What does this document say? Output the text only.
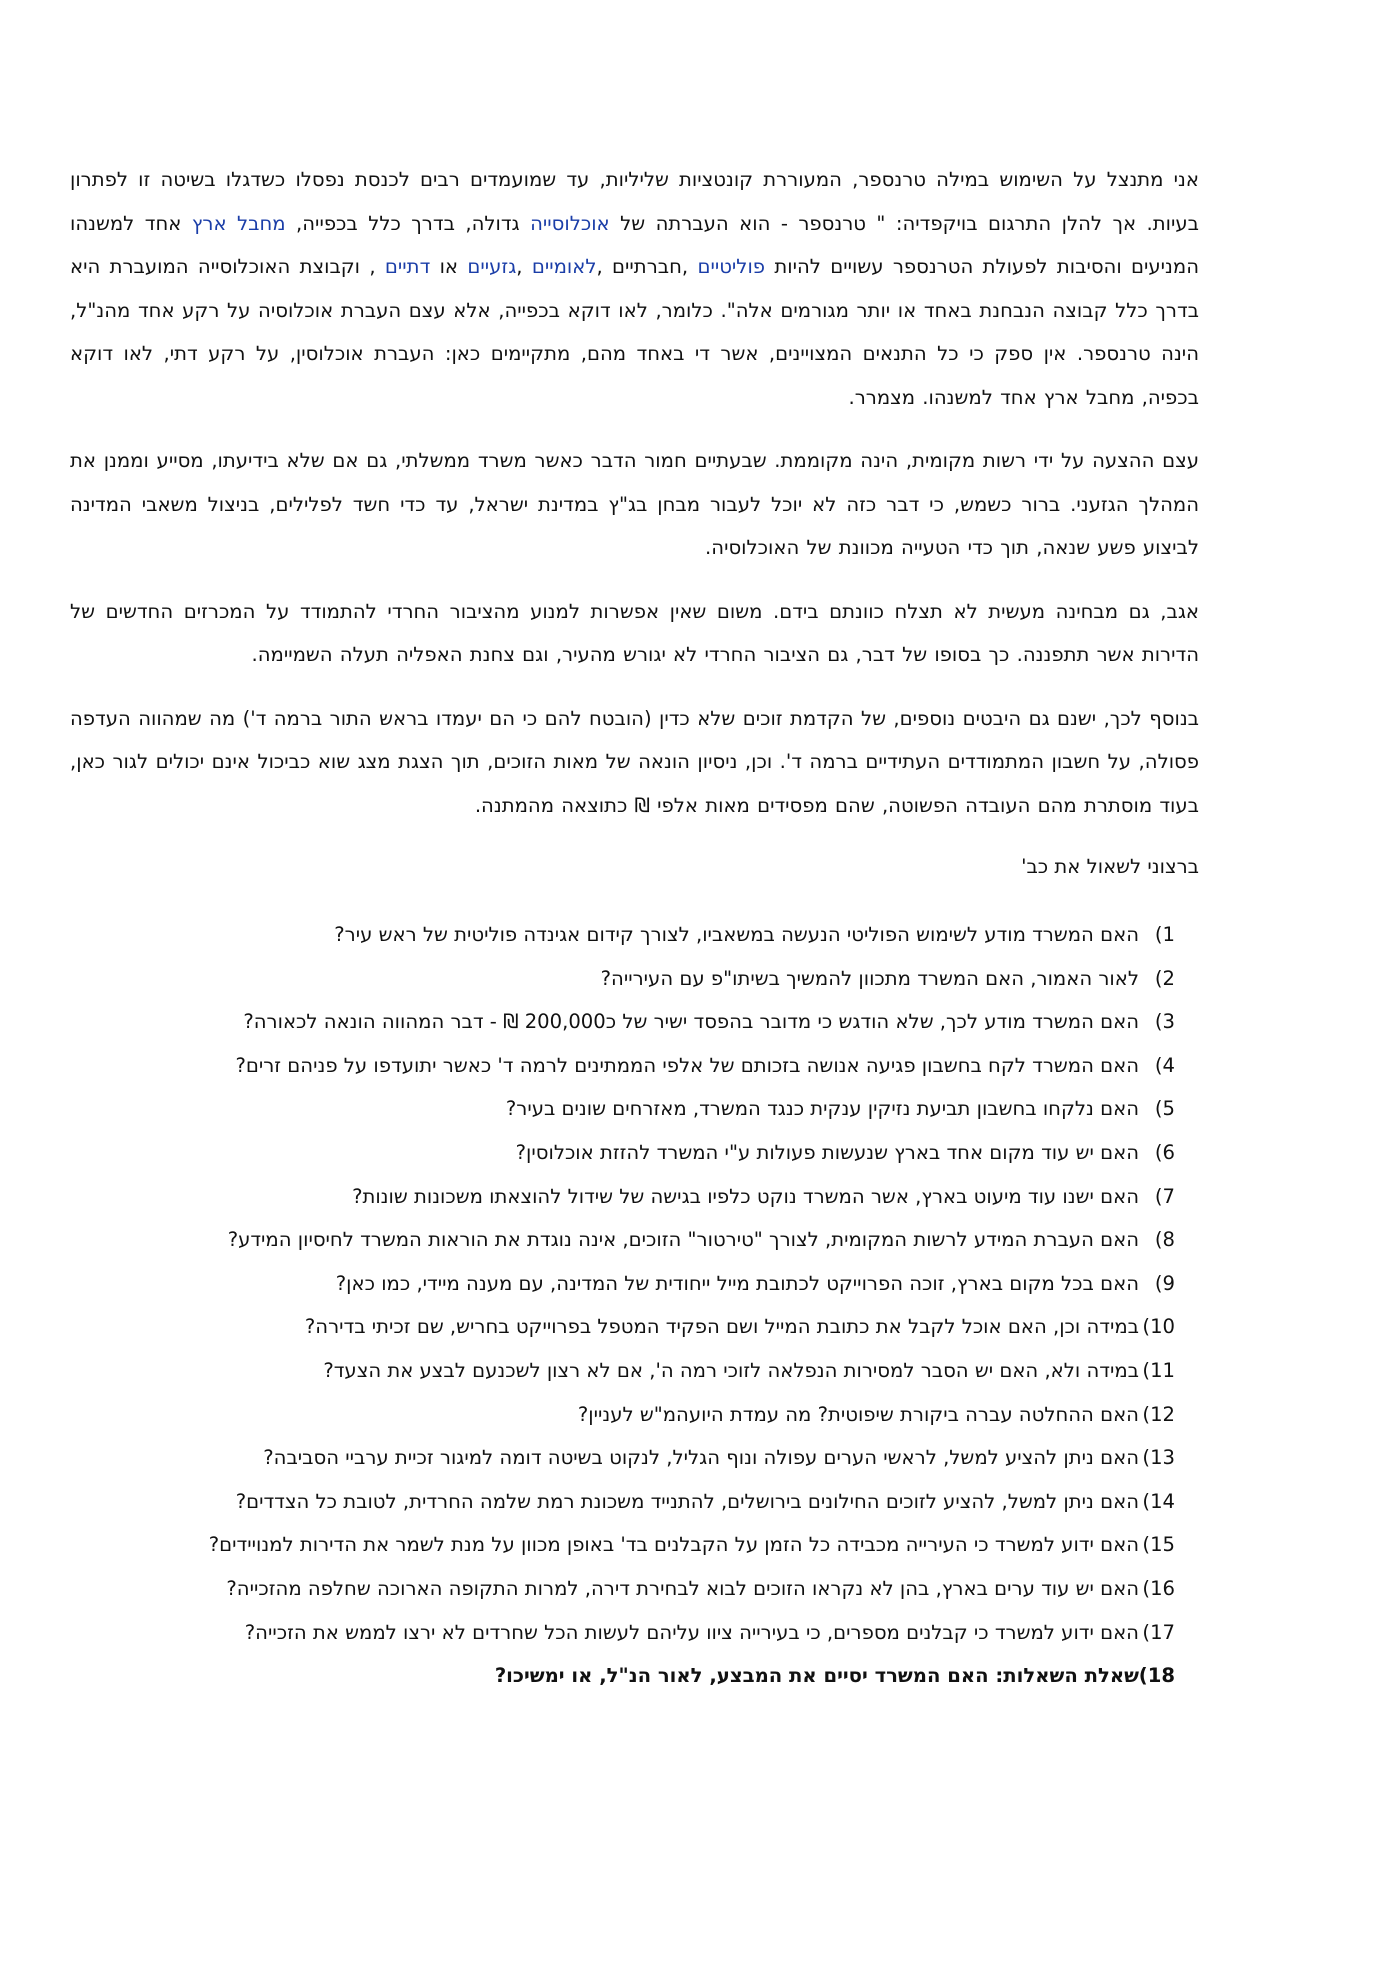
אני מתנצל על השימוש במילה טרנספר, המעוררת קונטציות שליליות, עד שמועמדים רבים לכנסת נפסלו כשדגלו בשיטה זו לפתרון בעיות. אך להלן התרגום בויקפדיה: " טרנספר - הוא העברתה של אוכלוסייה גדולה, בדרך כלל בכפייה, מחבל ארץ אחד למשנהו המניעים והסיבות לפעולת הטרנספר עשויים להיות פוליטיים ,חברתיים ,לאומיים ,גזעיים או דתיים , וקבוצת האוכלוסייה המועברת היא בדרך כלל קבוצה הנבחנת באחד או יותר מגורמים אלה". כלומר, לאו דוקא בכפייה, אלא עצם העברת אוכלוסיה על רקע אחד מהנ"ל, הינה טרנספר. אין ספק כי כל התנאים המצויינים, אשר די באחד מהם, מתקיימים כאן: העברת אוכלוסין, על רקע דתי, לאו דוקא בכפיה, מחבל ארץ אחד למשנהו. מצמרר.

עצם ההצעה על ידי רשות מקומית, הינה מקוממת. שבעתיים חמור הדבר כאשר משרד ממשלתי, גם אם שלא בידיעתו, מסייע וממנן את המהלך הגזעני. ברור כשמש, כי דבר כזה לא יוכל לעבור מבחן בג"ץ במדינת ישראל, עד כדי חשד לפלילים, בניצול משאבי המדינה לביצוע פשע שנאה, תוך כדי הטעייה מכוונת של האוכלוסיה.

אגב, גם מבחינה מעשית לא תצלח כוונתם בידם. משום שאין אפשרות למנוע מהציבור החרדי להתמודד על המכרזים החדשים של הדירות אשר תתפננה. כך בסופו של דבר, גם הציבור החרדי לא יגורש מהעיר, וגם צחנת האפליה תעלה השמיימה.

בנוסף לכך, ישנם גם היבטים נוספים, של הקדמת זוכים שלא כדין (הובטח להם כי הם יעמדו בראש התור ברמה ד') מה שמהווה העדפה פסולה, על חשבון המתמודדים העתידיים ברמה ד'. וכן, ניסיון הונאה של מאות הזוכים, תוך הצגת מצג שוא כביכול אינם יכולים לגור כאן, בעוד מוסתרת מהם העובדה הפשוטה, שהם מפסידים מאות אלפי ₪ כתוצאה מהמתנה.

ברצוני לשאול את כב'

1)
האם המשרד מודע לשימוש הפוליטי הנעשה במשאביו, לצורך קידום אגינדה פוליטית של ראש עיר?
2)
לאור האמור, האם המשרד מתכוון להמשיך בשיתו"פ עם העירייה?
3)
האם המשרד מודע לכך, שלא הודגש כי מדובר בהפסד ישיר של כ200,000 ₪ - דבר המהווה הונאה לכאורה?
4)
האם המשרד לקח בחשבון פגיעה אנושה בזכותם של אלפי הממתינים לרמה ד' כאשר יתועדפו על פניהם זרים?
5)
האם נלקחו בחשבון תביעת נזיקין ענקית כנגד המשרד, מאזרחים שונים בעיר?
6)
האם יש עוד מקום אחד בארץ שנעשות פעולות ע"י המשרד להזזת אוכלוסין?
7)
האם ישנו עוד מיעוט בארץ, אשר המשרד נוקט כלפיו בגישה של שידול להוצאתו משכונות שונות?
8)
האם העברת המידע לרשות המקומית, לצורך "טירטור" הזוכים, אינה נוגדת את הוראות המשרד לחיסיון המידע?
9)
האם בכל מקום בארץ, זוכה הפרוייקט לכתובת מייל ייחודית של המדינה, עם מענה מיידי, כמו כאן?
10)
במידה וכן, האם אוכל לקבל את כתובת המייל ושם הפקיד המטפל בפרוייקט בחריש, שם זכיתי בדירה?
11)
במידה ולא, האם יש הסבר למסירות הנפלאה לזוכי רמה ה', אם לא רצון לשכנעם לבצע את הצעד?
12)
האם ההחלטה עברה ביקורת שיפוטית? מה עמדת היועהמ"ש לעניין?
13)
האם ניתן להציע למשל, לראשי הערים עפולה ונוף הגליל, לנקוט בשיטה דומה למיגור זכיית ערביי הסביבה?
14)
האם ניתן למשל, להציע לזוכים החילונים בירושלים, להתנייד משכונת רמת שלמה החרדית, לטובת כל הצדדים?
15)
האם ידוע למשרד כי העירייה מכבידה כל הזמן על הקבלנים בד' באופן מכוון על מנת לשמר את הדירות למנויידים?
16)
האם יש עוד ערים בארץ, בהן לא נקראו הזוכים לבוא לבחירת דירה, למרות התקופה הארוכה שחלפה מהזכייה?
17)
האם ידוע למשרד כי קבלנים מספרים, כי בעירייה ציוו עליהם לעשות הכל שחרדים לא ירצו לממש את הזכייה?
18)
שאלת השאלות: האם המשרד יסיים את המבצע, לאור הנ"ל, או ימשיכו?
